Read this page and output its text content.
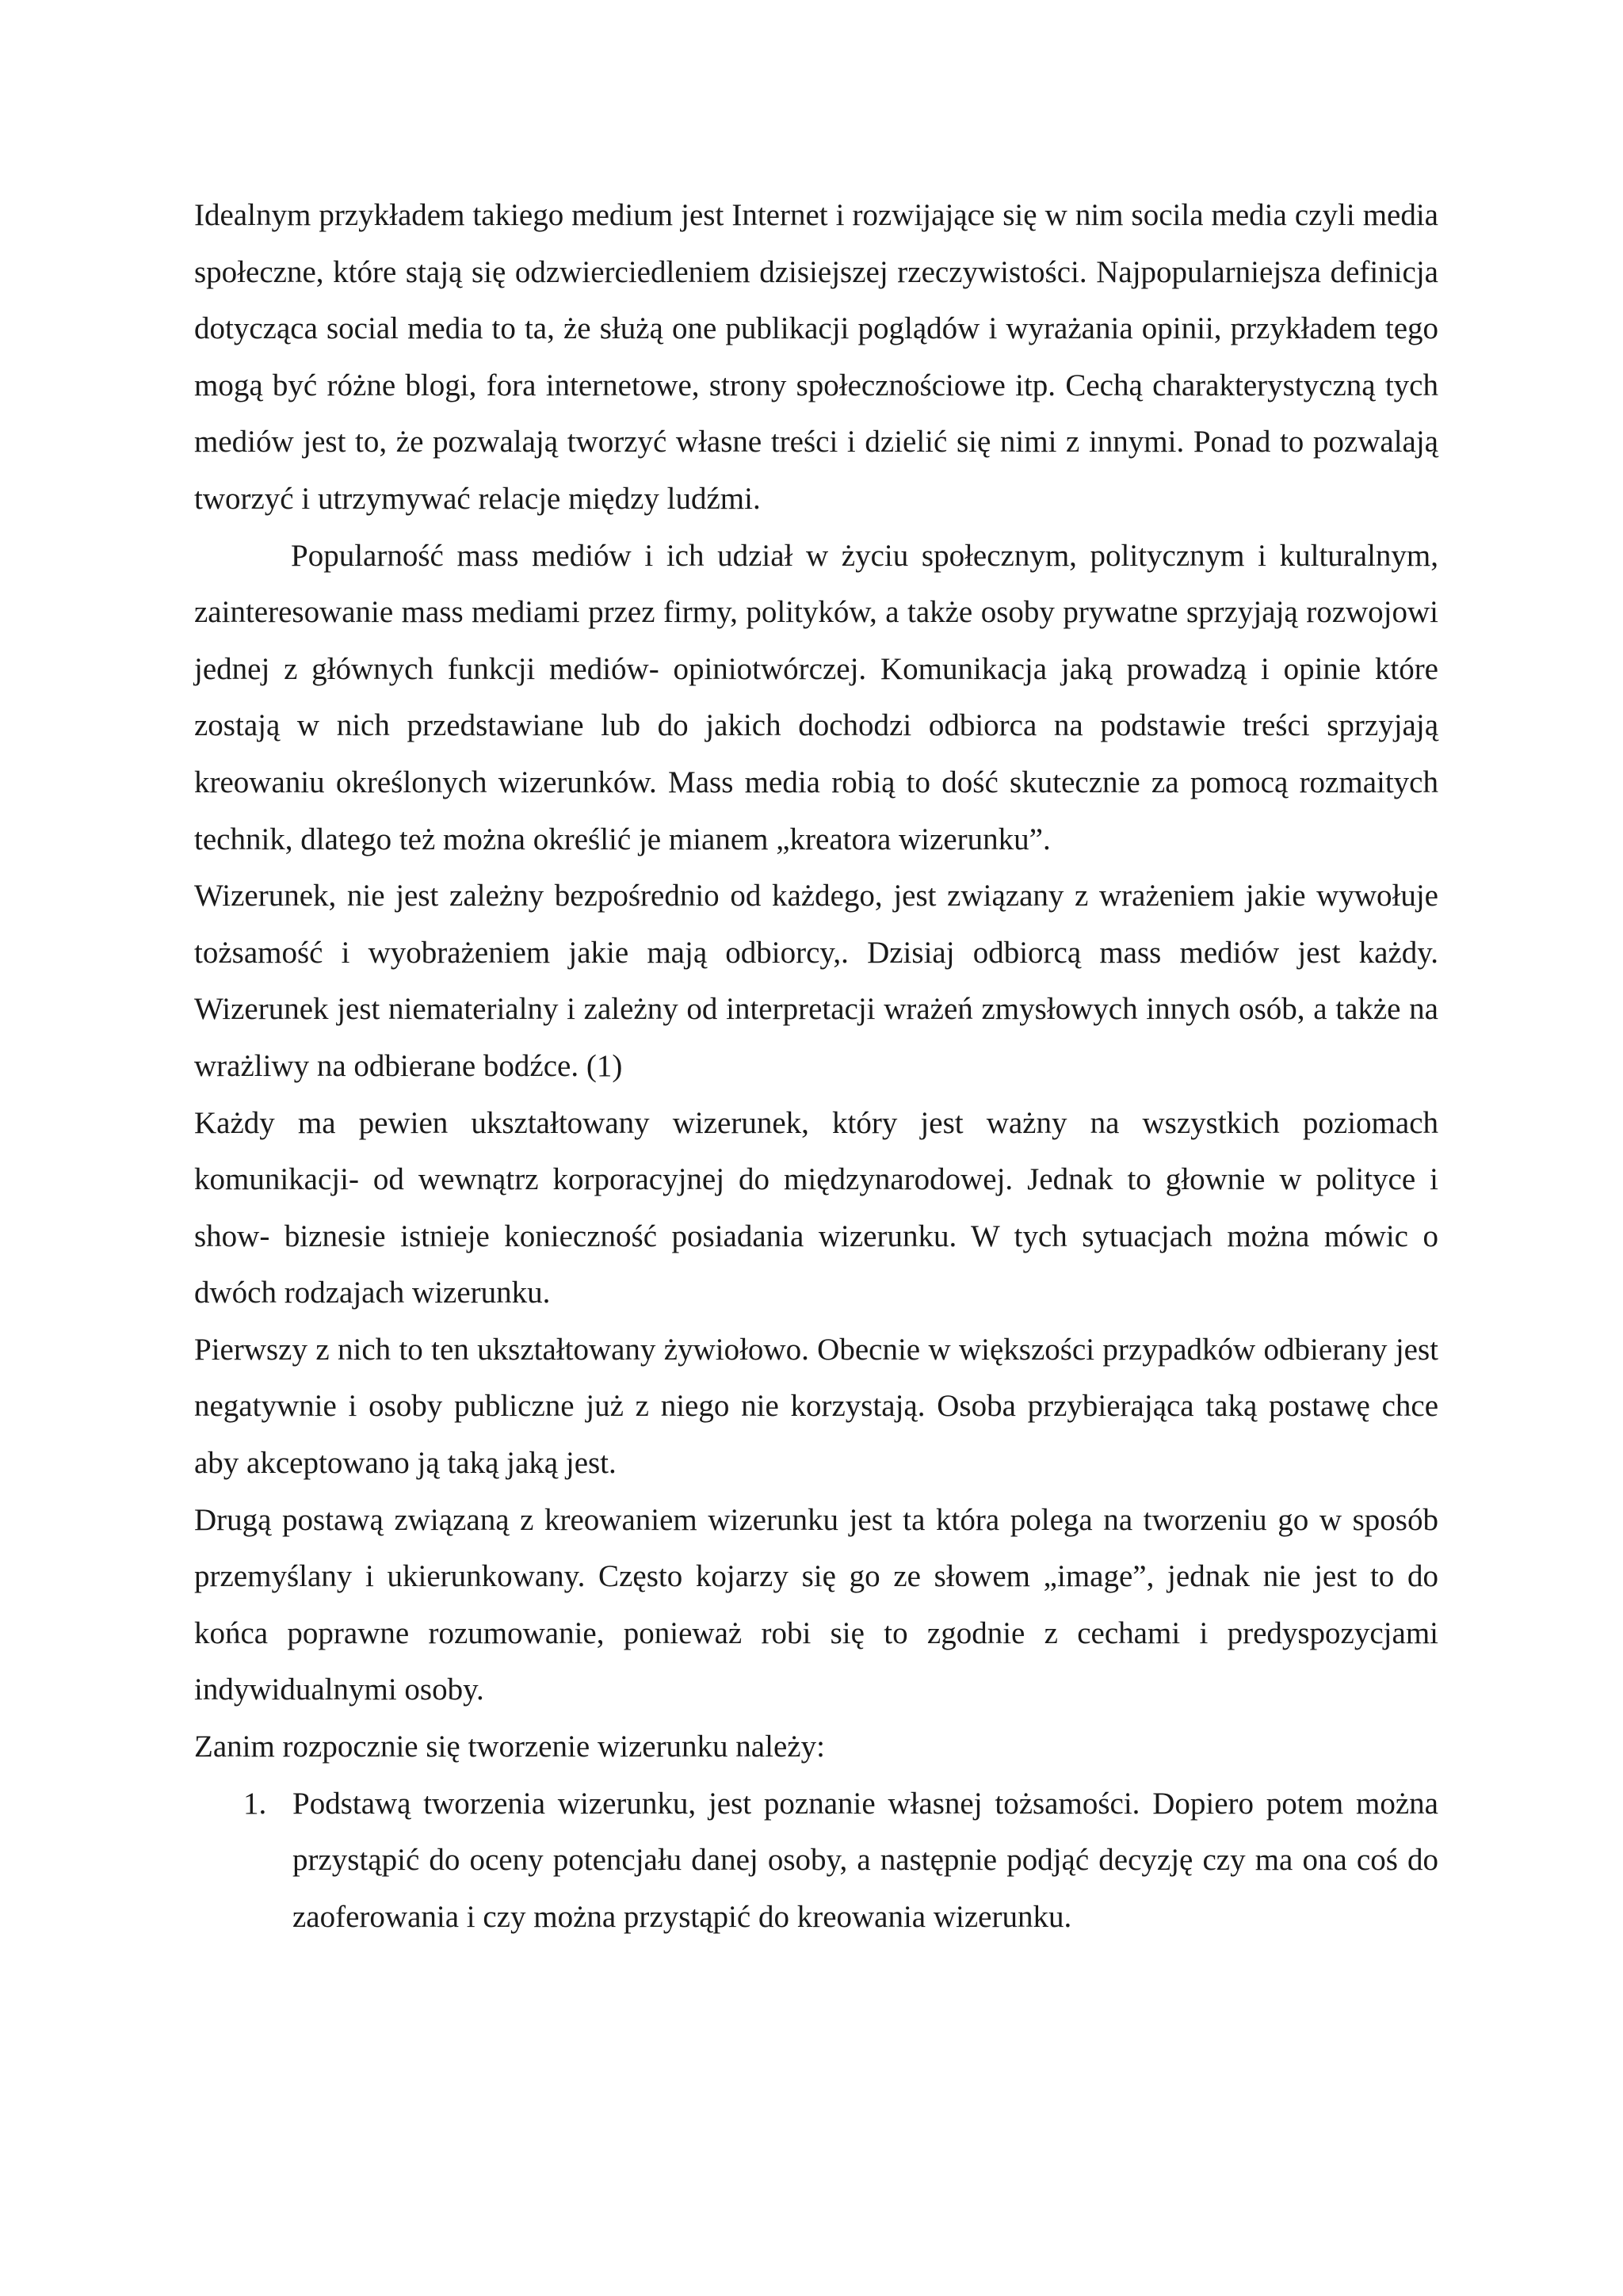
Idealnym przykładem takiego medium jest Internet i rozwijające się w nim socila media czyli media społeczne, które stają się odzwierciedleniem dzisiejszej rzeczywistości. Najpopularniejsza definicja dotycząca social media to ta, że służą one publikacji poglądów i wyrażania opinii, przykładem tego mogą być różne blogi, fora internetowe, strony społecznościowe itp. Cechą charakterystyczną tych mediów jest to, że pozwalają tworzyć własne treści i dzielić się nimi z innymi. Ponad to pozwalają tworzyć i utrzymywać relacje między ludźmi.

Popularność mass mediów i ich udział w życiu społecznym, politycznym i kulturalnym, zainteresowanie mass mediami przez firmy, polityków, a także osoby prywatne sprzyjają rozwojowi jednej z głównych funkcji mediów- opiniotwórczej. Komunikacja jaką prowadzą i opinie które zostają w nich przedstawiane lub do jakich dochodzi odbiorca na podstawie treści sprzyjają kreowaniu określonych wizerunków. Mass media robią to dość skutecznie za pomocą rozmaitych technik, dlatego też można określić je mianem „kreatora wizerunku”.

Wizerunek, nie jest zależny bezpośrednio od każdego, jest związany z wrażeniem jakie wywołuje tożsamość i wyobrażeniem jakie mają odbiorcy,. Dzisiaj odbiorcą mass mediów jest każdy. Wizerunek jest niematerialny i zależny od interpretacji wrażeń zmysłowych innych osób, a także na wrażliwy na odbierane bodźce. (1)

Każdy ma pewien ukształtowany wizerunek, który jest ważny na wszystkich poziomach komunikacji- od wewnątrz korporacyjnej do międzynarodowej. Jednak to głownie w polityce i show- biznesie istnieje konieczność posiadania wizerunku. W tych sytuacjach można mówic o dwóch rodzajach wizerunku.

Pierwszy z nich to ten ukształtowany żywiołowo. Obecnie w większości przypadków odbierany jest negatywnie i osoby publiczne już z niego nie korzystają. Osoba przybierająca taką postawę chce aby akceptowano ją taką jaką jest.

Drugą postawą związaną z kreowaniem wizerunku jest ta która polega na tworzeniu go w sposób przemyślany i ukierunkowany. Często kojarzy się go ze słowem „image”, jednak nie jest to do końca poprawne rozumowanie, ponieważ robi się to zgodnie z cechami i predyspozycjami indywidualnymi osoby.

Zanim rozpocznie się tworzenie wizerunku należy:

1. Podstawą tworzenia wizerunku, jest poznanie własnej tożsamości. Dopiero potem można przystąpić do oceny potencjału danej osoby, a następnie podjąć decyzję czy ma ona coś do zaoferowania i czy można przystąpić do kreowania wizerunku.
